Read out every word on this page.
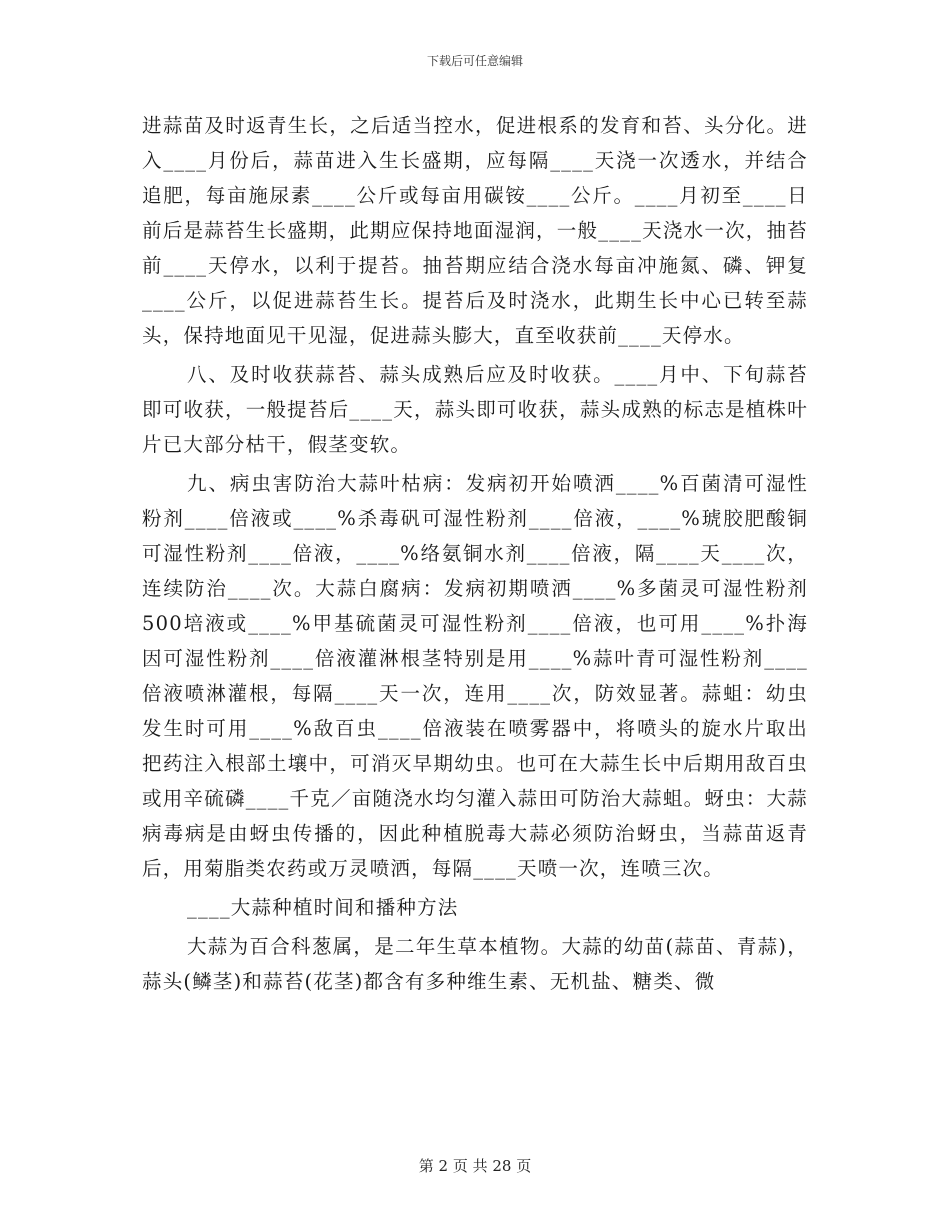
下载后可任意编辑

进蒜苗及时返青生长，之后适当控水，促进根系的发育和苔、头分化。进入____月份后，蒜苗进入生长盛期，应每隔____天浇一次透水，并结合追肥，每亩施尿素____公斤或每亩用碳铵____公斤。____月初至____日前后是蒜苔生长盛期，此期应保持地面湿润，一般____天浇水一次，抽苔前____天停水，以利于提苔。抽苔期应结合浇水每亩冲施氮、磷、钾复____公斤，以促进蒜苔生长。提苔后及时浇水，此期生长中心已转至蒜头，保持地面见干见湿，促进蒜头膨大，直至收获前____天停水。

八、及时收获蒜苔、蒜头成熟后应及时收获。____月中、下旬蒜苔即可收获，一般提苔后____天，蒜头即可收获，蒜头成熟的标志是植株叶片已大部分枯干，假茎变软。

九、病虫害防治大蒜叶枯病：发病初开始喷洒____%百菌清可湿性粉剂____倍液或____%杀毒矾可湿性粉剂____倍液，____%琥胶肥酸铜可湿性粉剂____倍液，____%络氨铜水剂____倍液，隔____天____次，连续防治____次。大蒜白腐病：发病初期喷洒____%多菌灵可湿性粉剂500培液或____%甲基硫菌灵可湿性粉剂____倍液，也可用____%扑海因可湿性粉剂____倍液灌淋根茎特别是用____%蒜叶青可湿性粉剂____倍液喷淋灌根，每隔____天一次，连用____次，防效显著。蒜蛆：幼虫发生时可用____%敌百虫____倍液装在喷雾器中，将喷头的旋水片取出把药注入根部土壤中，可消灭早期幼虫。也可在大蒜生长中后期用敌百虫或用辛硫磷____千克／亩随浇水均匀灌入蒜田可防治大蒜蛆。蚜虫：大蒜病毒病是由蚜虫传播的，因此种植脱毒大蒜必须防治蚜虫，当蒜苗返青后，用菊脂类农药或万灵喷洒，每隔____天喷一次，连喷三次。

____大蒜种植时间和播种方法

大蒜为百合科葱属，是二年生草本植物。大蒜的幼苗(蒜苗、青蒜)，蒜头(鳞茎)和蒜苔(花茎)都含有多种维生素、无机盐、糖类、微

第 2 页 共 28 页
